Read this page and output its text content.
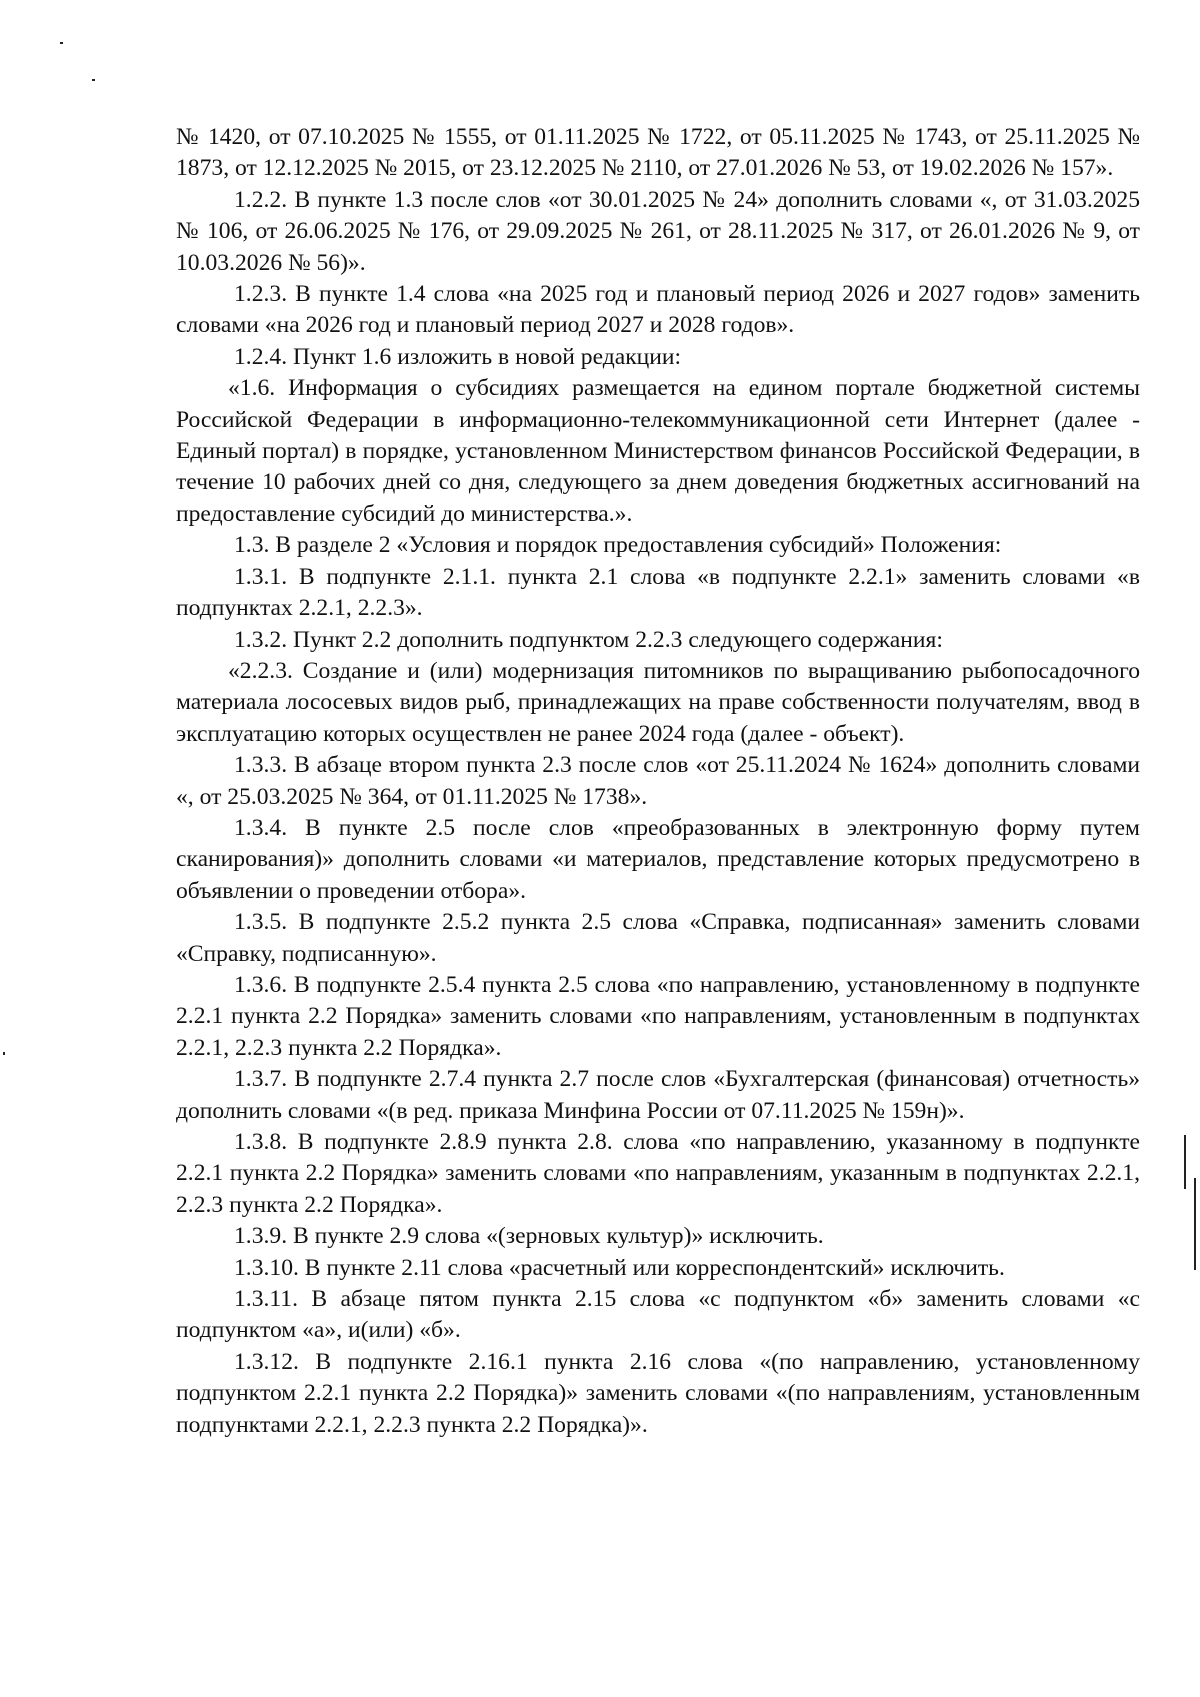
№ 1420, от 07.10.2025 № 1555, от 01.11.2025 № 1722, от 05.11.2025 № 1743, от 25.11.2025 № 1873, от 12.12.2025 № 2015, от 23.12.2025 № 2110, от 27.01.2026 № 53, от 19.02.2026 № 157».

1.2.2. В пункте 1.3 после слов «от 30.01.2025 № 24» дополнить словами «, от 31.03.2025 № 106, от 26.06.2025 № 176, от 29.09.2025 № 261, от 28.11.2025 № 317, от 26.01.2026 № 9, от 10.03.2026 № 56)».

1.2.3. В пункте 1.4 слова «на 2025 год и плановый период 2026 и 2027 годов» заменить словами «на 2026 год и плановый период 2027 и 2028 годов».

1.2.4. Пункт 1.6 изложить в новой редакции:

«1.6. Информация о субсидиях размещается на едином портале бюджетной системы Российской Федерации в информационно-телекоммуникационной сети Интернет (далее - Единый портал) в порядке, установленном Министерством финансов Российской Федерации, в течение 10 рабочих дней со дня, следующего за днем доведения бюджетных ассигнований на предоставление субсидий до министерства.».

1.3. В разделе 2 «Условия и порядок предоставления субсидий» Положения:

1.3.1. В подпункте 2.1.1. пункта 2.1 слова «в подпункте 2.2.1» заменить словами «в подпунктах 2.2.1, 2.2.3».

1.3.2. Пункт 2.2 дополнить подпунктом 2.2.3 следующего содержания:

«2.2.3. Создание и (или) модернизация питомников по выращиванию рыбопосадочного материала лососевых видов рыб, принадлежащих на праве собственности получателям, ввод в эксплуатацию которых осуществлен не ранее 2024 года (далее - объект).

1.3.3. В абзаце втором пункта 2.3 после слов «от 25.11.2024 № 1624» дополнить словами «, от 25.03.2025 № 364, от 01.11.2025 № 1738».

1.3.4. В пункте 2.5 после слов «преобразованных в электронную форму путем сканирования)» дополнить словами «и материалов, представление которых предусмотрено в объявлении о проведении отбора».

1.3.5. В подпункте 2.5.2 пункта 2.5 слова «Справка, подписанная» заменить словами «Справку, подписанную».

1.3.6. В подпункте 2.5.4 пункта 2.5 слова «по направлению, установленному в подпункте 2.2.1 пункта 2.2 Порядка» заменить словами «по направлениям, установленным в подпунктах 2.2.1, 2.2.3 пункта 2.2 Порядка».

1.3.7. В подпункте 2.7.4 пункта 2.7 после слов «Бухгалтерская (финансовая) отчетность» дополнить словами «(в ред. приказа Минфина России от 07.11.2025 № 159н)».

1.3.8. В подпункте 2.8.9 пункта 2.8. слова «по направлению, указанному в подпункте 2.2.1 пункта 2.2 Порядка» заменить словами «по направлениям, указанным в подпунктах 2.2.1, 2.2.3 пункта 2.2 Порядка».

1.3.9. В пункте 2.9 слова «(зерновых культур)» исключить.

1.3.10. В пункте 2.11 слова «расчетный или корреспондентский» исключить.

1.3.11. В абзаце пятом пункта 2.15 слова «с подпунктом «б» заменить словами «с подпунктом «а», и(или) «б».

1.3.12. В подпункте 2.16.1 пункта 2.16 слова «(по направлению, установленному подпунктом 2.2.1 пункта 2.2 Порядка)» заменить словами «(по направлениям, установленным подпунктами 2.2.1, 2.2.3 пункта 2.2 Порядка)».
